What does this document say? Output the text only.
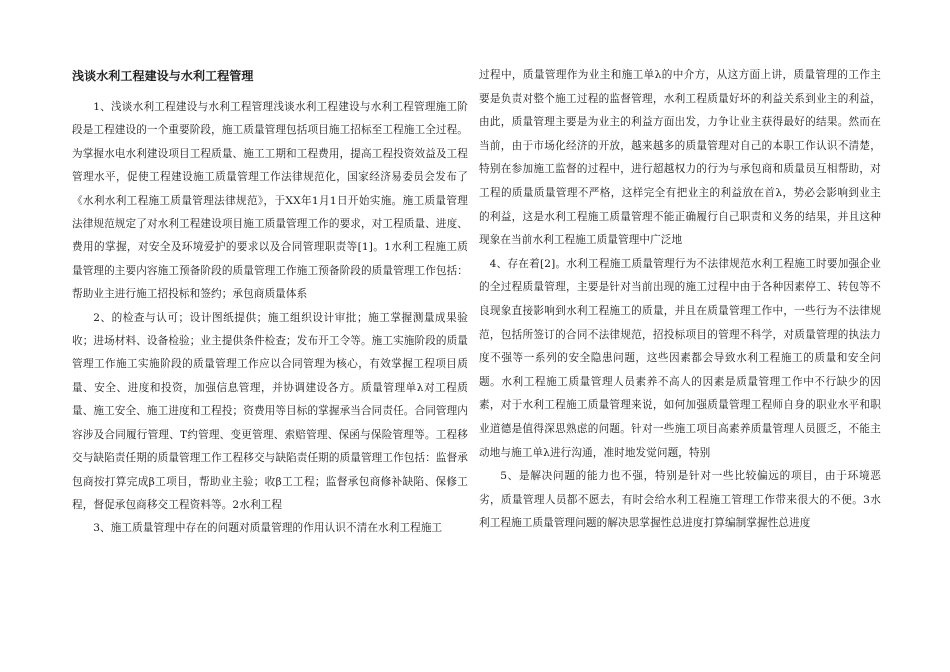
浅谈水利工程建设与水利工程管理

1、浅谈水利工程建设与水利工程管理浅谈水利工程建设与水利工程管理施工阶段是工程建设的一个重要阶段，施工质量管理包括项目施工招标至工程施工全过程。为掌握水电水利建设项目工程质量、施工工期和工程费用，提高工程投资效益及工程管理水平，促使工程建设施工质量管理工作法律规范化，国家经济易委员会发布了《水利水利工程施工质量管理法律规范》，于XX年1月1日开始实施。施工质量管理法律规范规定了对水利工程建设项目施工质量管理工作的要求，对工程质量、进度、费用的掌握，对安全及环境爱护的要求以及合同管理职责等[1]。1水利工程施工质量管理的主要内容施工预备阶段的质量管理工作施工预备阶段的质量管理工作包括：帮助业主进行施工招投标和签约；承包商质量体系

2、的检查与认可；设计图纸提供；施工组织设计审批；施工掌握测量成果验收；进场材料、设备检验；业主提供条件检查；发布开工令等。施工实施阶段的质量管理工作施工实施阶段的质量管理工作应以合同管理为核心，有效掌握工程项目质量、安全、进度和投资，加强信息管理，并协调建设各方。质量管理单λ对工程质量、施工安全、施工进度和工程投；资费用等目标的掌握承当合同责任。合同管理内容涉及合同履行管理、T约管理、变更管理、索赔管理、保函与保险管理等。工程移交与缺陷责任期的质量管理工作工程移交与缺陷责任期的质量管理工作包括：监督承包商按打算完成β工项目，帮助业主验；收β工工程；监督承包商修补缺陷、保修工程，督促承包商移交工程资料等。2水利工程

3、施工质量管理中存在的问题对质量管理的作用认识不清在水利工程施工

过程中，质量管理作为业主和施工单λ的中介方，从这方面上讲，质量管理的工作主要是负责对整个施工过程的监督管理，水利工程质量好坏的利益关系到业主的利益，由此，质量管理主要是为业主的利益方面出发，力争让业主获得最好的结果。然而在当前，由于市场化经济的开放，越来越多的质量管理对自己的本职工作认识不清楚，特别在参加施工监督的过程中，进行超越权力的行为与承包商和质量员互相帮助，对工程的质量质量管理不严格，这样完全有把业主的利益放在首λ，势必会影响到业主的利益，这是水利工程施工质量管理不能正确履行自己职责和义务的结果，并且这种现象在当前水利工程施工质量管理中广泛地

4、存在着[2]。水利工程施工质量管理行为不法律规范水利工程施工时要加强企业的全过程质量管理，主要是针对当前出现的施工过程中由于各种因素停工、转包等不良现象直接影响到水利工程施工的质量，并且在质量管理工作中，一些行为不法律规范，包括所签订的合同不法律规范，招投标项目的管理不科学，对质量管理的执法力度不强等一系列的安全隐患问题，这些因素都会导致水利工程施工的质量和安全问题。水利工程施工质量管理人员素养不高人的因素是质量管理工作中不行缺少的因素，对于水利工程施工质量管理来说，如何加强质量管理工程师自身的职业水平和职业道德是值得深思熟虑的问题。针对一些施工项目高素养质量管理人员匮乏，不能主动地与施工单λ进行沟通，准时地发觉问题，特别

5、是解决问题的能力也不强，特别是针对一些比较偏远的项目，由于环境恶劣，质量管理人员都不愿去，有时会给水利工程施工管理工作带来很大的不便。3水利工程施工质量管理问题的解决思掌握性总进度打算编制掌握性总进度
